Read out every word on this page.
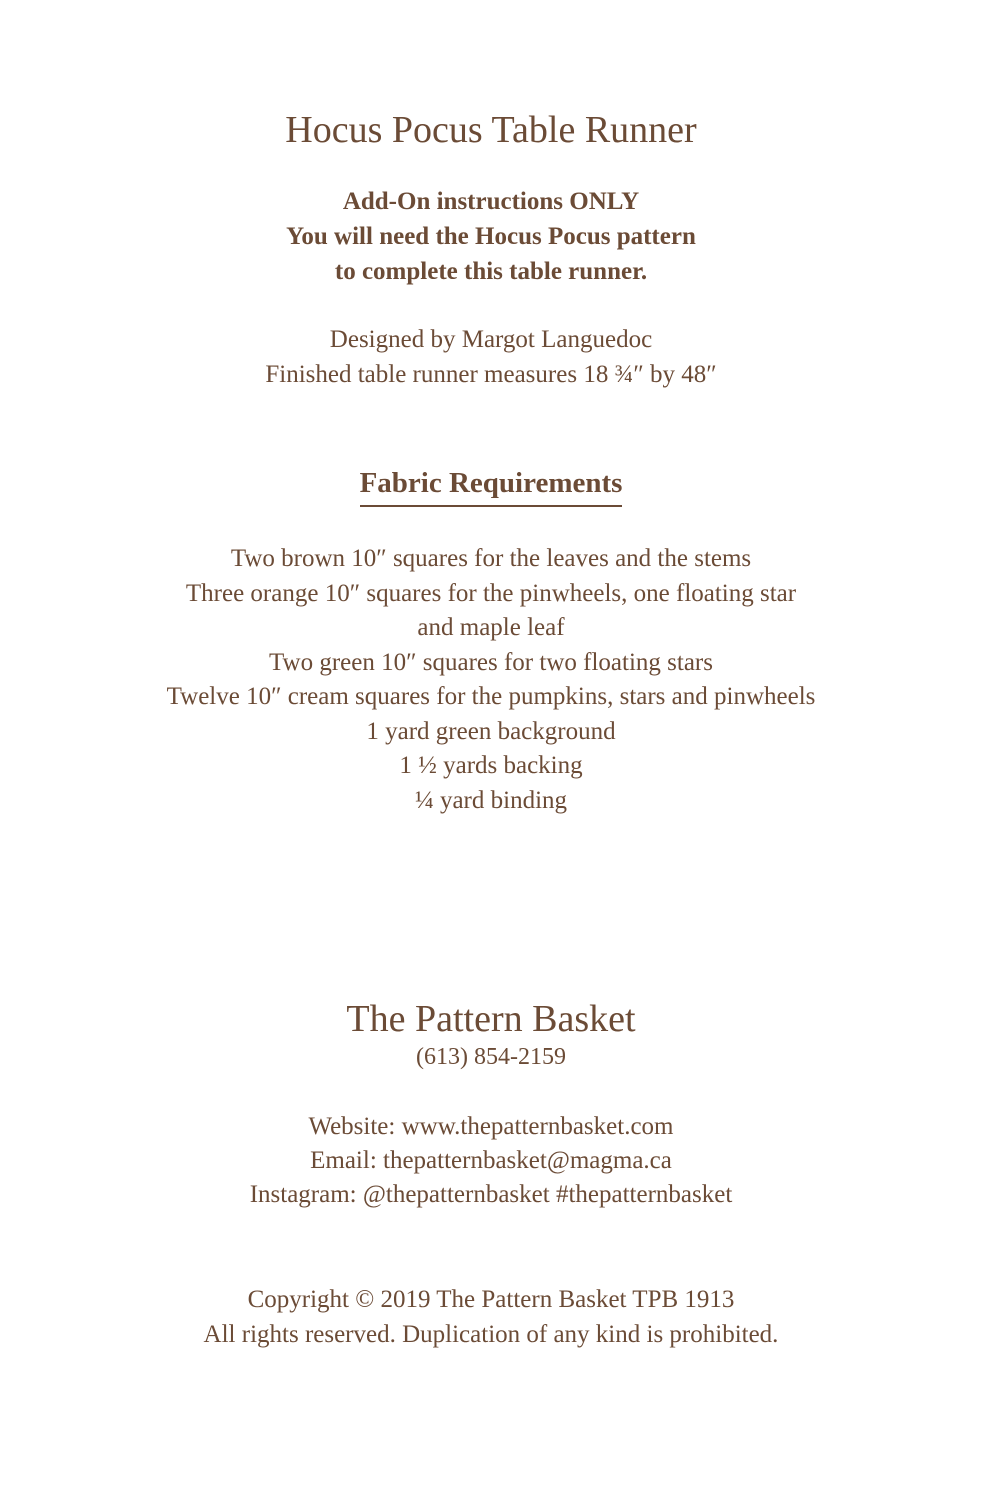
Hocus Pocus Table Runner
Add-On instructions ONLY
You will need the Hocus Pocus pattern
to complete this table runner.
Designed by Margot Languedoc
Finished table runner measures 18 ¾″ by 48″
Fabric Requirements
Two brown 10″ squares for the leaves and the stems
Three orange 10″ squares for the pinwheels, one floating star
and maple leaf
Two green 10″ squares for two floating stars
Twelve 10″ cream squares for the pumpkins, stars and pinwheels
1 yard green background
1 ½ yards backing
¼ yard binding
The Pattern Basket
(613) 854-2159
Website: www.thepatternbasket.com
Email: thepatternbasket@magma.ca
Instagram: @thepatternbasket #thepatternbasket
Copyright © 2019 The Pattern Basket TPB 1913
All rights reserved. Duplication of any kind is prohibited.
